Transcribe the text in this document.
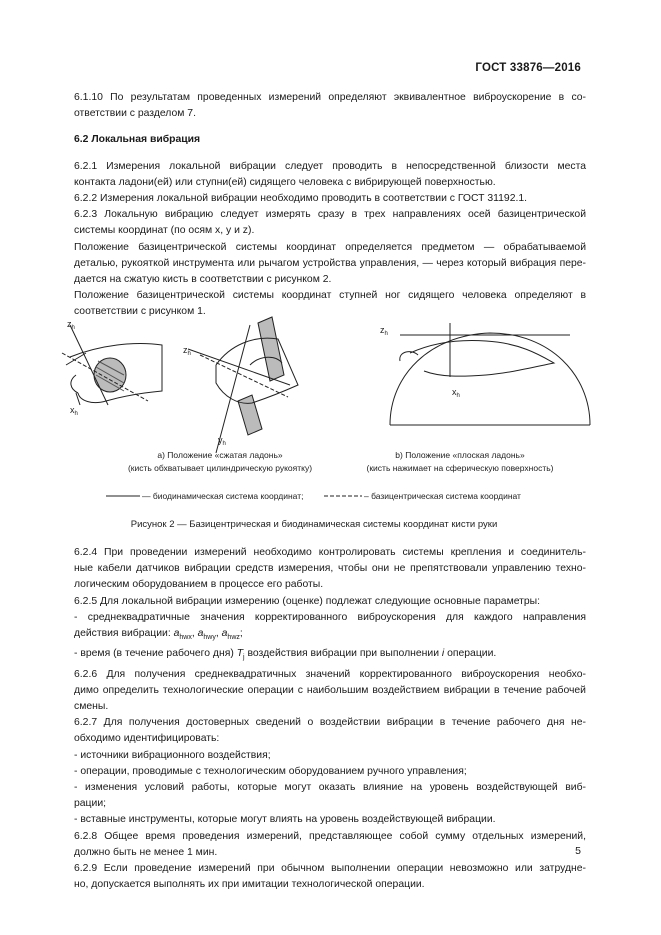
ГОСТ 33876—2016
6.1.10 По результатам проведенных измерений определяют эквивалентное виброускорение в со-
ответствии с разделом 7.
6.2 Локальная вибрация
6.2.1 Измерения локальной вибрации следует проводить в непосредственной близости места
контакта ладони(ей) или ступни(ей) сидящего человека с вибрирующей поверхностью.
6.2.2 Измерения локальной вибрации необходимо проводить в соответствии с ГОСТ 31192.1.
6.2.3 Локальную вибрацию следует измерять сразу в трех направлениях осей базицентрической
системы координат (по осям x, y и z).
Положение базицентрической системы координат определяется предметом — обрабатываемой
деталью, рукояткой инструмента или рычагом устройства управления, — через который вибрация пере-
дается на сжатую кисть в соответствии с рисунком 2.
Положение базицентрической системы координат ступней ног сидящего человека определяют в
соответствии с рисунком 1.
$z_h$
$x_h$
$z_h$
$y_h$
$z_h$
$x_h$
a) Положение «сжатая ладонь»
(кисть обхватывает цилиндрическую рукоятку)
b) Положение «плоская ладонь»
(кисть нажимает на сферическую поверхность)
— биодинамическая система координат;	– базицентрическая система координат
Рисунок 2 — Базицентрическая и биодинамическая системы координат кисти руки
6.2.4 При проведении измерений необходимо контролировать системы крепления и соединитель-
ные кабели датчиков вибрации средств измерения, чтобы они не препятствовали управлению техно-
логическим оборудованием в процессе его работы.
6.2.5 Для локальной вибрации измерению (оценке) подлежат следующие основные параметры:
- среднеквадратичные значения корректированного виброускорения для каждого направления
действия вибрации: $a_{hwx}$, $a_{hwy}$, $a_{hwz}$;
- время (в течение рабочего дня) $T_j$ воздействия вибрации при выполнении i операции.
6.2.6 Для получения среднеквадратичных значений корректированного виброускорения необхо-
димо определить технологические операции с наибольшим воздействием вибрации в течение рабочей
смены.
6.2.7 Для получения достоверных сведений о воздействии вибрации в течение рабочего дня не-
обходимо идентифицировать:
- источники вибрационного воздействия;
- операции, проводимые с технологическим оборудованием ручного управления;
- изменения условий работы, которые могут оказать влияние на уровень воздействующей виб-
рации;
- вставные инструменты, которые могут влиять на уровень воздействующей вибрации.
6.2.8 Общее время проведения измерений, представляющее собой сумму отдельных измерений,
должно быть не менее 1 мин.
6.2.9 Если проведение измерений при обычном выполнении операции невозможно или затрудне-
но, допускается выполнять их при имитации технологической операции.
5
